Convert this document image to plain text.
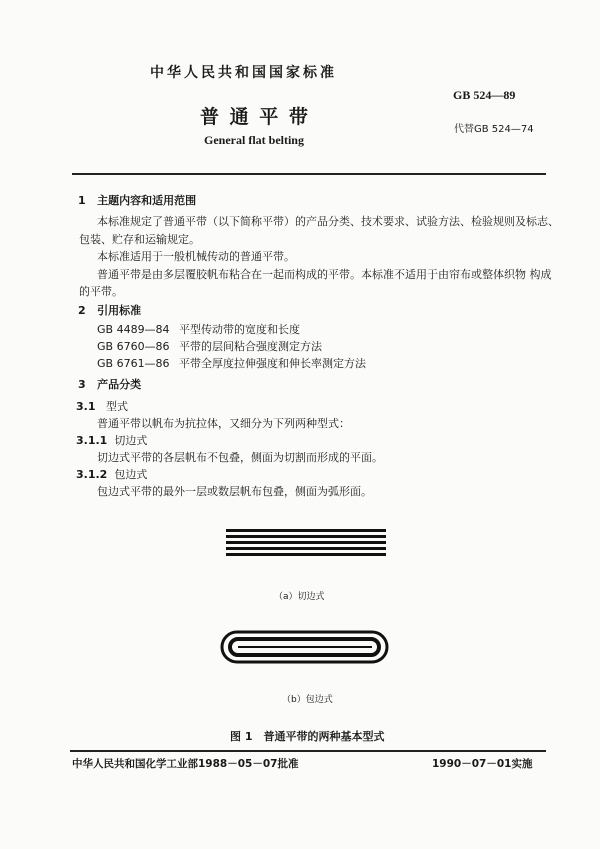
中华人民共和国国家标准
GB 524—89
普 通 平 带
代替GB 524—74
General flat belting
1 主题内容和适用范围
本标准规定了普通平带（以下简称平带）的产品分类、技术要求、试验方法、检验规则及标志、
包装、贮存和运输规定。
本标准适用于一般机械传动的普通平带。
普通平带是由多层覆胶帆布粘合在一起而构成的平带。本标准不适用于由帘布或整体织物 构成
的平带。
2 引用标准
GB 4489—84 平型传动带的宽度和长度
GB 6760—86 平带的层间粘合强度测定方法
GB 6761—86 平带全厚度拉伸强度和伸长率测定方法
3 产品分类
3.1 型式
普通平带以帆布为抗拉体，又细分为下列两种型式：
3.1.1 切边式
切边式平带的各层帆布不包叠，侧面为切割而形成的平面。
3.1.2 包边式
包边式平带的最外一层或数层帆布包叠，侧面为弧形面。
（a）切边式
（b）包边式
图 1　普通平带的两种基本型式
中华人民共和国化学工业部1988－05－07批准	1990－07－01实施
